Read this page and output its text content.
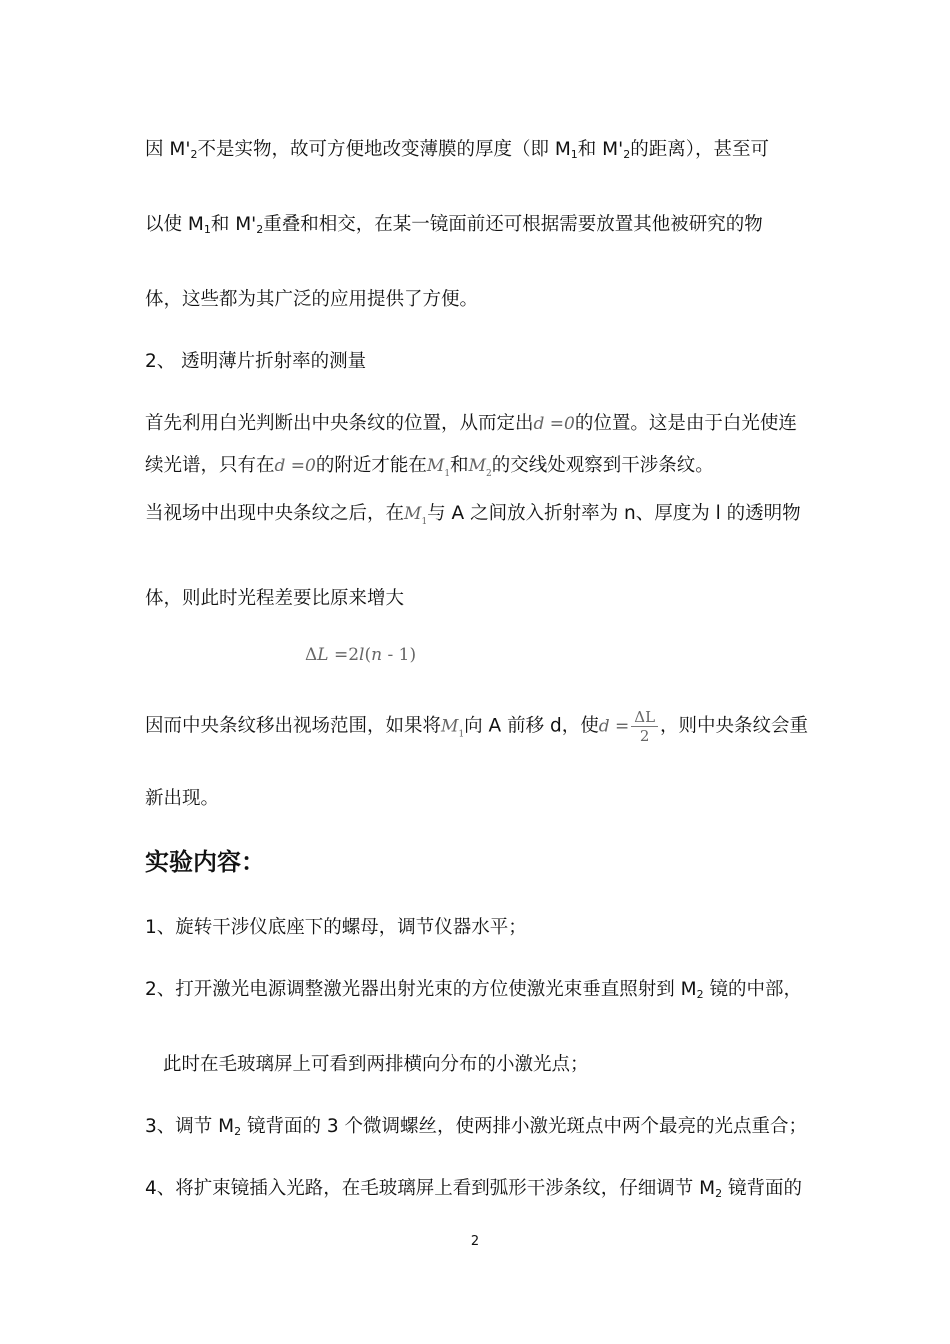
因 $M'_2$不是实物，故可方便地改变薄膜的厚度（即 $M_1$和 $M'_2$的距离），甚至可
以使 $M_1$和 $M'_2$重叠和相交，在某一镜面前还可根据需要放置其他被研究的物
体，这些都为其广泛的应用提供了方便。
2、 透明薄片折射率的测量
首先利用白光判断出中央条纹的位置，从而定出d =0的位置。这是由于白光使连
续光谱，只有在d =0的附近才能在$M_1$和$M_2$的交线处观察到干涉条纹。
当视场中出现中央条纹之后，在$M_1$与 A 之间放入折射率为 n、厚度为 l 的透明物
体，则此时光程差要比原来增大
ΔL =2l(n - 1)
因而中央条纹移出视场范围，如果将$M_1$向 A 前移 d，使$d = \frac{\Delta L}{2}$ ，则中央条纹会重
新出现。
实验内容：
1、旋转干涉仪底座下的螺母，调节仪器水平；
2、打开激光电源调整激光器出射光束的方位使激光束垂直照射到 $M_2$ 镜的中部，
此时在毛玻璃屏上可看到两排横向分布的小激光点；
3、调节 $M_2$ 镜背面的 3 个微调螺丝，使两排小激光斑点中两个最亮的光点重合；
4、将扩束镜插入光路，在毛玻璃屏上看到弧形干涉条纹，仔细调节 $M_2$ 镜背面的
2
